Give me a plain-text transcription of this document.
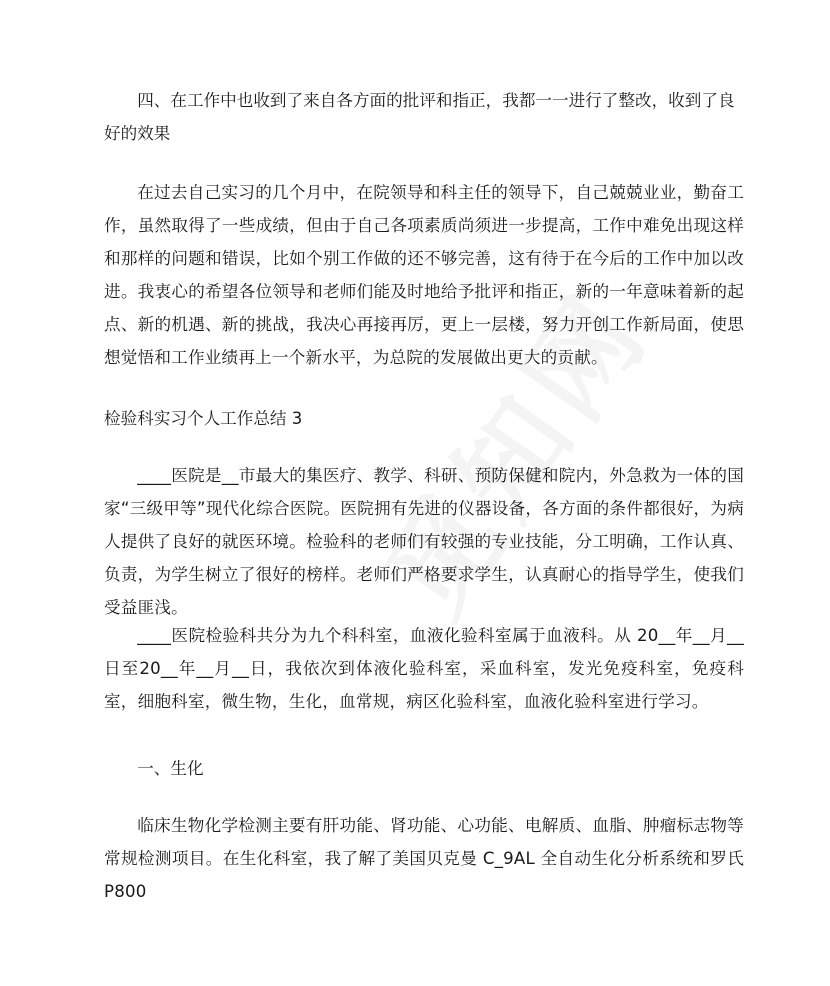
四、在工作中也收到了来自各方面的批评和指正，我都一一进行了整改，收到了良好的效果

在过去自己实习的几个月中，在院领导和科主任的领导下，自己兢兢业业，勤奋工作，虽然取得了一些成绩，但由于自己各项素质尚须进一步提高，工作中难免出现这样和那样的问题和错误，比如个别工作做的还不够完善，这有待于在今后的工作中加以改进。我衷心的希望各位领导和老师们能及时地给予批评和指正，新的一年意味着新的起点、新的机遇、新的挑战，我决心再接再厉，更上一层楼，努力开创工作新局面，使思想觉悟和工作业绩再上一个新水平，为总院的发展做出更大的贡献。

检验科实习个人工作总结 3

____医院是__市最大的集医疗、教学、科研、预防保健和院内，外急救为一体的国家“三级甲等”现代化综合医院。医院拥有先进的仪器设备，各方面的条件都很好，为病人提供了良好的就医环境。检验科的老师们有较强的专业技能，分工明确，工作认真、负责，为学生树立了很好的榜样。老师们严格要求学生，认真耐心的指导学生，使我们受益匪浅。

____医院检验科共分为九个科科室，血液化验科室属于血液科。从 20__年__月__日至20__年__月__日，我依次到体液化验科室，采血科室，发光免疫科室，免疫科室，细胞科室，微生物，生化，血常规，病区化验科室，血液化验科室进行学习。

一、生化

临床生物化学检测主要有肝功能、肾功能、心功能、电解质、血脂、肿瘤标志物等常规检测项目。在生化科室，我了解了美国贝克曼 C_9AL 全自动生化分析系统和罗氏 P800
